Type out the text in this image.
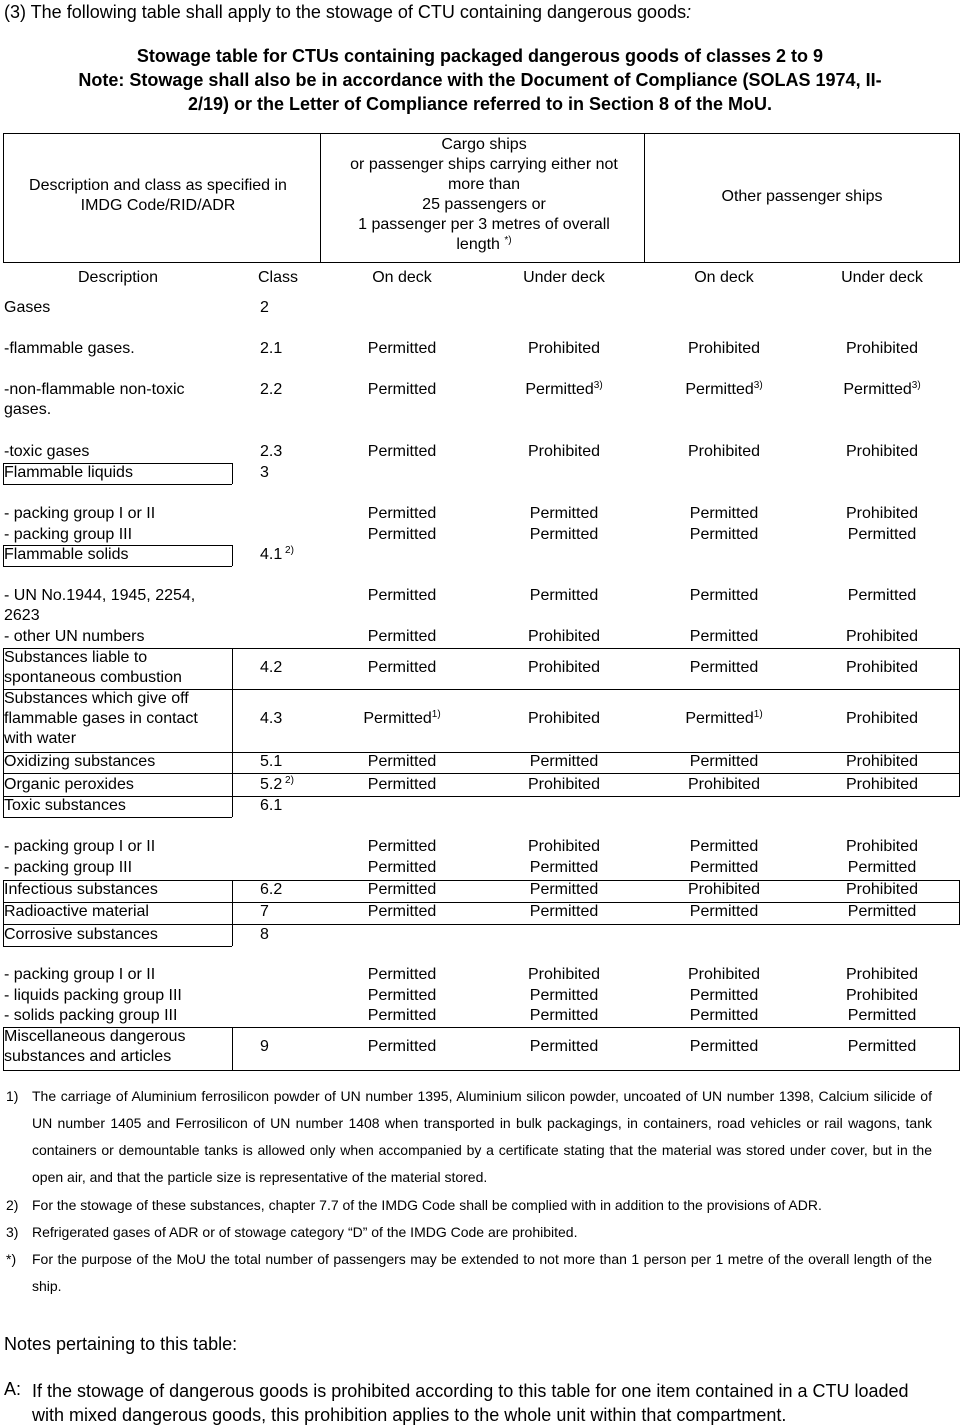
(3) The following table shall apply to the stowage of CTU containing dangerous goods:
Stowage table for CTUs containing packaged dangerous goods of classes 2 to 9
Note: Stowage shall also be in accordance with the Document of Compliance (SOLAS 1974, II-
2/19) or the Letter of Compliance referred to in Section 8 of the MoU.
Description and class as specified in
IMDG Code/RID/ADR
Cargo ships
or passenger ships carrying either not
more than
25 passengers or
1 passenger per 3 metres of overall
length *)
Other passenger ships
Description	Class	On deck	Under deck	On deck	Under deck
Gases	2
-flammable gases.	2.1	Permitted	Prohibited	Prohibited	Prohibited
-non-flammable non-toxic
gases.
2.2	Permitted	Permitted$^{3)}$	Permitted$^{3)}$	Permitted$^{3)}$
-toxic gases	2.3	Permitted	Prohibited	Prohibited	Prohibited
Flammable liquids	3
- packing group I or II	Permitted	Permitted	Permitted	Prohibited
- packing group III	Permitted	Permitted	Permitted	Permitted
Flammable solids	4.1 $^{2)}$
- UN No.1944, 1945, 2254,
2623
Permitted	Permitted	Permitted	Permitted
- other UN numbers	Permitted	Prohibited	Permitted	Prohibited
Substances liable to
spontaneous combustion
4.2	Permitted	Prohibited	Permitted	Prohibited
Substances which give off
flammable gases in contact
with water
4.3	Permitted$^{1)}$	Prohibited	Permitted$^{1)}$	Prohibited
Oxidizing substances	5.1	Permitted	Permitted	Permitted	Prohibited
Organic peroxides	5.2 $^{2)}$	Permitted	Prohibited	Prohibited	Prohibited
Toxic substances	6.1
- packing group I or II	Permitted	Prohibited	Permitted	Prohibited
- packing group III	Permitted	Permitted	Permitted	Permitted
Infectious substances	6.2	Permitted	Permitted	Prohibited	Prohibited
Radioactive material	7	Permitted	Permitted	Permitted	Permitted
Corrosive substances	8
- packing group I or II	Permitted	Prohibited	Prohibited	Prohibited
- liquids packing group III	Permitted	Permitted	Permitted	Prohibited
- solids packing group III	Permitted	Permitted	Permitted	Permitted
Miscellaneous dangerous
substances and articles
9	Permitted	Permitted	Permitted	Permitted
1) The carriage of Aluminium ferrosilicon powder of UN number 1395, Aluminium silicon powder, uncoated of UN number 1398, Calcium silicide of UN number 1405 and Ferrosilicon of UN number 1408 when transported in bulk packagings, in containers, road vehicles or rail wagons, tank containers or demountable tanks is allowed only when accompanied by a certificate stating that the material was stored under cover, but in the open air, and that the particle size is representative of the material stored.
2) For the stowage of these substances, chapter 7.7 of the IMDG Code shall be complied with in addition to the provisions of ADR.
3) Refrigerated gases of ADR or of stowage category “D” of the IMDG Code are prohibited.
*) For the purpose of the MoU the total number of passengers may be extended to not more than 1 person per 1 metre of the overall length of the ship.
Notes pertaining to this table:
A: If the stowage of dangerous goods is prohibited according to this table for one item contained in a CTU loaded with mixed dangerous goods, this prohibition applies to the whole unit within that compartment.
